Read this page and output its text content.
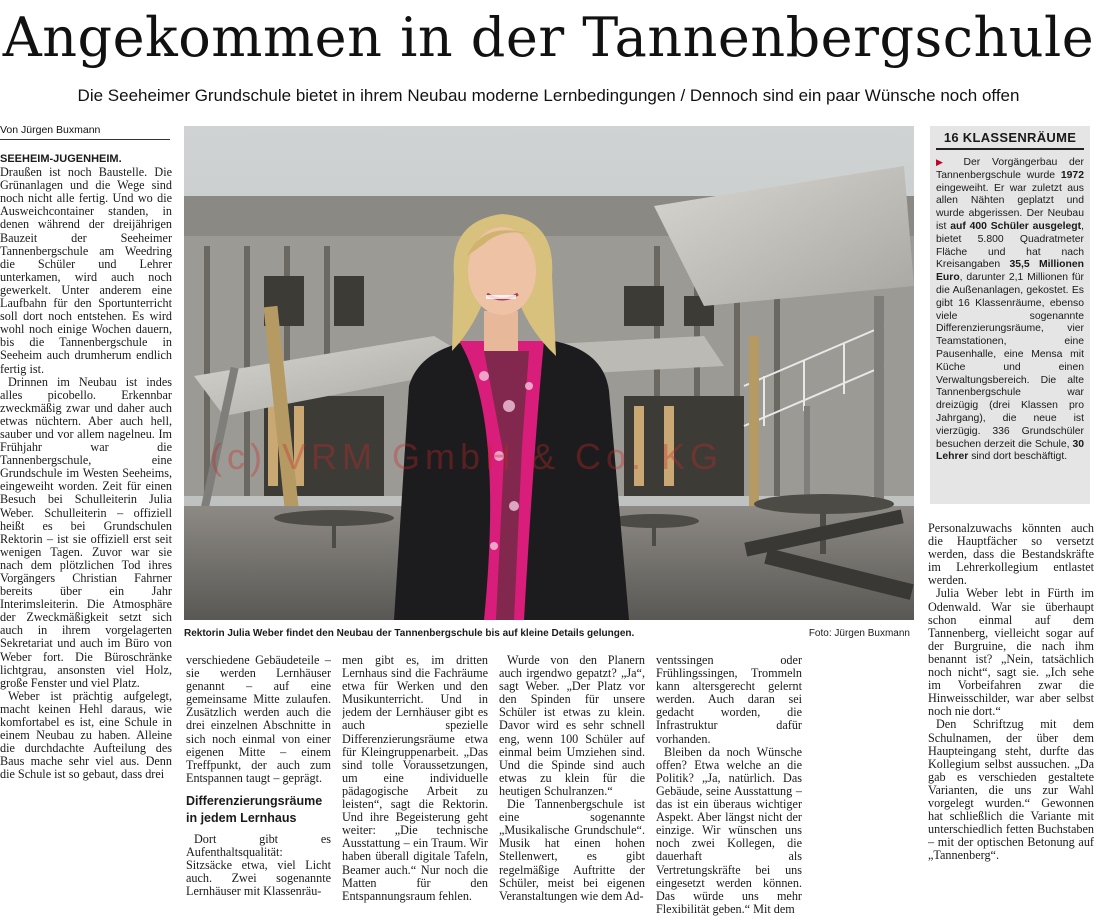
Angekommen in der Tannenbergschule
Die Seeheimer Grundschule bietet in ihrem Neubau moderne Lernbedingungen / Dennoch sind ein paar Wünsche noch offen
Von Jürgen Buxmann

SEEHEIM-JUGENHEIM.

Draußen ist noch Baustelle. Die Grünanlagen und die Wege sind noch nicht alle fertig. Und wo die Ausweichcontainer standen, in denen während der dreijährigen Bauzeit der Seeheimer Tannenbergschule am Weedring die Schüler und Lehrer unterkamen, wird auch noch gewerkelt. Unter anderem eine Laufbahn für den Sportunterricht soll dort noch entstehen. Es wird wohl noch einige Wochen dauern, bis die Tannenbergschule in Seeheim auch drumherum endlich fertig ist.

Drinnen im Neubau ist indes alles picobello. Erkennbar zweckmäßig zwar und daher auch etwas nüchtern. Aber auch hell, sauber und vor allem nagelneu. Im Frühjahr war die Tannenbergschule, eine Grundschule im Westen Seeheims, eingeweiht worden. Zeit für einen Besuch bei Schulleiterin Julia Weber. Schulleiterin – offiziell heißt es bei Grundschulen Rektorin – ist sie offiziell erst seit wenigen Tagen. Zuvor war sie nach dem plötzlichen Tod ihres Vorgängers Christian Fahrner bereits über ein Jahr Interimsleiterin. Die Atmosphäre der Zweckmäßigkeit setzt sich auch in ihrem vorgelagerten Sekretariat und auch im Büro von Weber fort. Die Büroschränke lichtgrau, ansonsten viel Holz, große Fenster und viel Platz.

Weber ist prächtig aufgelegt, macht keinen Hehl daraus, wie komfortabel es ist, eine Schule in einem Neubau zu haben. Alleine die durchdachte Aufteilung des Baus mache sehr viel aus. Denn die Schule ist so gebaut, dass drei

(c) VRM GmbH & Co. KG
Rektorin Julia Weber findet den Neubau der Tannenbergschule bis auf kleine Details gelungen.	Foto: Jürgen Buxmann

verschiedene Gebäudeteile – sie werden Lernhäuser genannt – auf eine gemeinsame Mitte zulaufen. Zusätzlich werden auch die drei einzelnen Abschnitte in sich noch einmal von einer eigenen Mitte – einem Treffpunkt, der auch zum Entspannen taugt – geprägt.

Differenzierungsräume in jedem Lernhaus

Dort gibt es Aufenthaltsqualität: Sitzsäcke etwa, viel Licht auch. Zwei sogenannte Lernhäuser mit Klassenräu-

men gibt es, im dritten Lernhaus sind die Fachräume etwa für Werken und den Musikunterricht. Und in jedem der Lernhäuser gibt es auch spezielle Differenzierungsräume etwa für Kleingruppenarbeit. „Das sind tolle Voraussetzungen, um eine individuelle pädagogische Arbeit zu leisten“, sagt die Rektorin. Und ihre Begeisterung geht weiter: „Die technische Ausstattung – ein Traum. Wir haben überall digitale Tafeln, Beamer auch.“ Nur noch die Matten für den Entspannungsraum fehlen.

Wurde von den Planern auch irgendwo gepatzt? „Ja“, sagt Weber. „Der Platz vor den Spinden für unsere Schüler ist etwas zu klein. Davor wird es sehr schnell eng, wenn 100 Schüler auf einmal beim Umziehen sind. Und die Spinde sind auch etwas zu klein für die heutigen Schulranzen.“

Die Tannenbergschule ist eine sogenannte „Musikalische Grundschule“. Musik hat einen hohen Stellenwert, es gibt regelmäßige Auftritte der Schüler, meist bei eigenen Veranstaltungen wie dem Ad-

ventssingen oder Frühlingssingen, Trommeln kann altersgerecht gelernt werden. Auch daran sei gedacht worden, die Infrastruktur dafür vorhanden.

Bleiben da noch Wünsche offen? Etwa welche an die Politik? „Ja, natürlich. Das Gebäude, seine Ausstattung – das ist ein überaus wichtiger Aspekt. Aber längst nicht der einzige. Wir wünschen uns noch zwei Kollegen, die dauerhaft als Vertretungskräfte bei uns eingesetzt werden können. Das würde uns mehr Flexibilität geben.“ Mit dem

Personalzuwachs könnten auch die Hauptfächer so versetzt werden, dass die Bestandskräfte im Lehrerkollegium entlastet werden.

Julia Weber lebt in Fürth im Odenwald. War sie überhaupt schon einmal auf dem Tannenberg, vielleicht sogar auf der Burgruine, die nach ihm benannt ist? „Nein, tatsächlich noch nicht“, sagt sie. „Ich sehe im Vorbeifahren zwar die Hinweisschilder, war aber selbst noch nie dort.“

Den Schriftzug mit dem Schulnamen, der über dem Haupteingang steht, durfte das Kollegium selbst aussuchen. „Da gab es verschieden gestaltete Varianten, die uns zur Wahl vorgelegt wurden.“ Gewonnen hat schließlich die Variante mit unterschiedlich fetten Buchstaben – mit der optischen Betonung auf „Tannenberg“.

16 KLASSENRÄUME
▶ Der Vorgängerbau der Tannenbergschule wurde 1972 eingeweiht. Er war zuletzt aus allen Nähten geplatzt und wurde abgerissen. Der Neubau ist auf 400 Schüler ausgelegt, bietet 5.800 Quadratmeter Fläche und hat nach Kreisangaben 35,5 Millionen Euro, darunter 2,1 Millionen für die Außenanlagen, gekostet. Es gibt 16 Klassenräume, ebenso viele sogenannte Differenzierungsräume, vier Teamstationen, eine Pausenhalle, eine Mensa mit Küche und einen Verwaltungsbereich. Die alte Tannenbergschule war dreizügig (drei Klassen pro Jahrgang), die neue ist vierzügig. 336 Grundschüler besuchen derzeit die Schule, 30 Lehrer sind dort beschäftigt.
